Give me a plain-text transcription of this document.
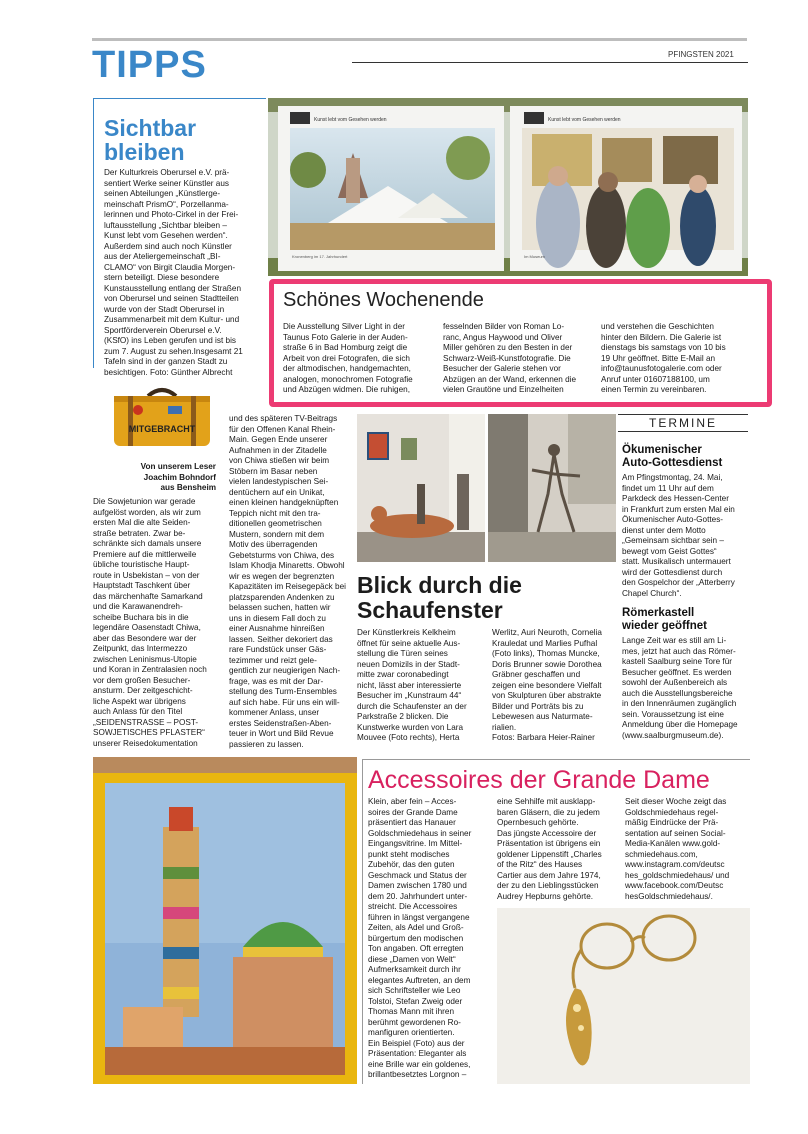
TIPPS	PFINGSTEN 2021
Sichtbar
bleiben
Der Kulturkreis Oberursel e.V. prä-
sentiert Werke seiner Künstler aus
seinen Abteilungen „Künstlerge-
meinschaft PrismO“, Porzellanma-
lerinnen und Photo-Cirkel in der Frei-
luftausstellung „Sichtbar bleiben –
Kunst lebt vom Gesehen werden“.
Außerdem sind auch noch Künstler
aus der Ateliergemeinschaft „BI-
CLAMO“ von Birgit Claudia Morgen-
stern beteiligt. Diese besondere
Kunstausstellung entlang der Straßen
von Oberursel und seinen Stadtteilen
wurde von der Stadt Oberursel in
Zusammenarbeit mit dem Kultur- und
Sportförderverein Oberursel e.V.
(KSfO) ins Leben gerufen und ist bis
zum 7. August zu sehen.Insgesamt 21
Tafeln sind in der ganzen Stadt zu
besichtigen. Foto: Günther Albrecht
Kunst lebt vom Gesehen werden	Kunst lebt vom Gesehen werden
Kronenberg im 17. Jahrhundert	Im Museum
Schönes Wochenende
Die Ausstellung Silver Light in der
Taunus Foto Galerie in der Auden-
straße 6 in Bad Homburg zeigt die
Arbeit von drei Fotografen, die sich
der altmodischen, handgemachten,
analogen, monochromen Fotografie
und Abzügen widmen. Die ruhigen,
fesselnden Bilder von Roman Lo-
ranc, Angus Haywood und Oliver
Miller gehören zu den Besten in der
Schwarz-Weiß-Kunstfotografie. Die
Besucher der Galerie stehen vor
Abzügen an der Wand, erkennen die
vielen Grautöne und Einzelheiten
und verstehen die Geschichten
hinter den Bildern. Die Galerie ist
dienstags bis samstags von 10 bis
19 Uhr geöffnet. Bitte E-Mail an
info@taunusfotogalerie.com oder
Anruf unter 01607188100, um
einen Termin zu vereinbaren.
MITGEBRACHT
Von unserem Leser
Joachim Bohndorf
aus Bensheim
Die Sowjetunion war gerade
aufgelöst worden, als wir zum
ersten Mal die alte Seiden-
straße betraten. Zwar be-
schränkte sich damals unsere
Premiere auf die mittlerweile
übliche touristische Haupt-
route in Usbekistan – von der
Hauptstadt Taschkent über
das märchenhafte Samarkand
und die Karawanendreh-
scheibe Buchara bis in die
legendäre Oasenstadt Chiwa,
aber das Besondere war der
Zeitpunkt, das Intermezzo
zwischen Leninismus-Utopie
und Koran in Zentralasien noch
vor dem großen Besucher-
ansturm. Der zeitgeschicht-
liche Aspekt war übrigens
auch Anlass für den Titel
„SEIDENSTRASSE – POST-
SOWJETISCHES PFLASTER“
unserer Reisedokumentation
und des späteren TV-Beitrags
für den Offenen Kanal Rhein-
Main. Gegen Ende unserer
Aufnahmen in der Zitadelle
von Chiwa stießen wir beim
Stöbern im Basar neben
vielen landestypischen Sei-
dentüchern auf ein Unikat,
einen kleinen handgeknüpften
Teppich nicht mit den tra-
ditionellen geometrischen
Mustern, sondern mit dem
Motiv des überragenden
Gebetsturms von Chiwa, des
Islam Khodja Minaretts. Obwohl
wir es wegen der begrenzten
Kapazitäten im Reisegepäck bei
platzsparenden Andenken zu
belassen suchen, hatten wir
uns in diesem Fall doch zu
einer Ausnahme hinreißen
lassen. Seither dekoriert das
rare Fundstück unser Gäs-
tezimmer und reizt gele-
gentlich zur neugierigen Nach-
frage, was es mit der Dar-
stellung des Turm-Ensembles
auf sich habe. Für uns ein will-
kommener Anlass, unser
erstes Seidenstraßen-Aben-
teuer in Wort und Bild Revue
passieren zu lassen.
Blick durch die
Schaufenster
Der Künstlerkreis Kelkheim
öffnet für seine aktuelle Aus-
stellung die Türen seines
neuen Domizils in der Stadt-
mitte zwar coronabedingt
nicht, lässt aber interessierte
Besucher im „Kunstraum 44“
durch die Schaufenster an der
Parkstraße 2 blicken. Die
Kunstwerke wurden von Lara
Mouvee (Foto rechts), Herta
Werlitz, Auri Neuroth, Cornelia
Krauledat und Marlies Pufhal
(Foto links), Thomas Muncke,
Doris Brunner sowie Dorothea
Gräbner geschaffen und
zeigen eine besondere Vielfalt
von Skulpturen über abstrakte
Bilder und Porträts bis zu
Lebewesen aus Naturmate-
rialien.
Fotos: Barbara Heier-Rainer
TERMINE
Ökumenischer
Auto-Gottesdienst
Am Pfingstmontag, 24. Mai,
findet um 11 Uhr auf dem
Parkdeck des Hessen-Center
in Frankfurt zum ersten Mal ein
Ökumenischer Auto-Gottes-
dienst unter dem Motto
„Gemeinsam sichtbar sein –
bewegt vom Geist Gottes“
statt. Musikalisch untermauert
wird der Gottesdienst durch
den Gospelchor der „Atterberry
Chapel Church“.
Römerkastell
wieder geöffnet
Lange Zeit war es still am Li-
mes, jetzt hat auch das Römer-
kastell Saalburg seine Tore für
Besucher geöffnet. Es werden
sowohl der Außenbereich als
auch die Ausstellungsbereiche
in den Innenräumen zugänglich
sein. Voraussetzung ist eine
Anmeldung über die Homepage
(www.saalburgmuseum.de).
Accessoires der Grande Dame
Klein, aber fein – Acces-
soires der Grande Dame
präsentiert das Hanauer
Goldschmiedehaus in seiner
Eingangsvitrine. Im Mittel-
punkt steht modisches
Zubehör, das den guten
Geschmack und Status der
Damen zwischen 1780 und
dem 20. Jahrhundert unter-
streicht. Die Accessoires
führen in längst vergangene
Zeiten, als Adel und Groß-
bürgertum den modischen
Ton angaben. Oft erregten
diese „Damen von Welt“
Aufmerksamkeit durch ihr
elegantes Auftreten, an dem
sich Schriftsteller wie Leo
Tolstoi, Stefan Zweig oder
Thomas Mann mit ihren
berühmt gewordenen Ro-
manfiguren orientierten.
Ein Beispiel (Foto) aus der
Präsentation: Eleganter als
eine Brille war ein goldenes,
brillantbesetztes Lorgnon –
eine Sehhilfe mit ausklapp-
baren Gläsern, die zu jedem
Opernbesuch gehörte.
Das jüngste Accessoire der
Präsentation ist übrigens ein
goldener Lippenstift „Charles
of the Ritz“ des Hauses
Cartier aus dem Jahre 1974,
der zu den Lieblingsstücken
Audrey Hepburns gehörte.
Seit dieser Woche zeigt das
Goldschmiedehaus regel-
mäßig Eindrücke der Prä-
sentation auf seinen Social-
Media-Kanälen www.gold-
schmiedehaus.com,
www.instagram.com/deutsc
hes_goldschmiedehaus/ und
www.facebook.com/Deutsc
hesGoldschmiedehaus/.
